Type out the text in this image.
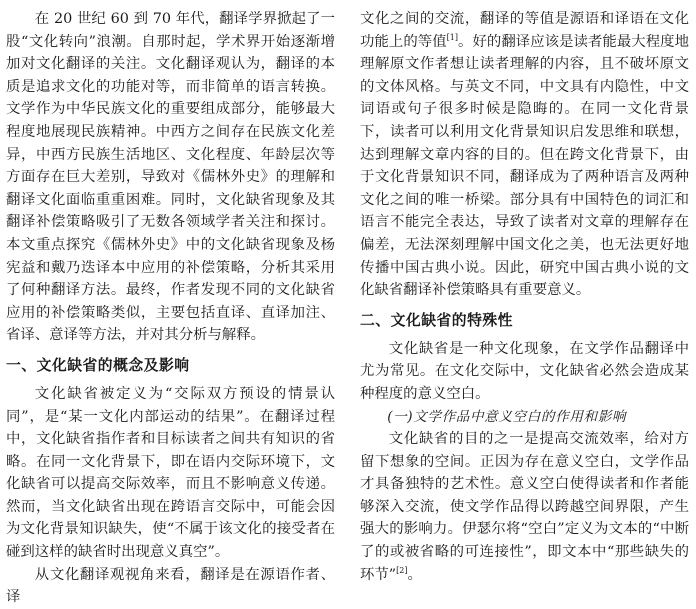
在 20 世纪 60 到 70 年代，翻译学界掀起了一股“文化转向”浪潮。自那时起，学术界开始逐渐增加对文化翻译的关注。文化翻译观认为，翻译的本质是追求文化的功能对等，而非简单的语言转换。文学作为中华民族文化的重要组成部分，能够最大程度地展现民族精神。中西方之间存在民族文化差异，中西方民族生活地区、文化程度、年龄层次等方面存在巨大差别，导致对《儒林外史》的理解和翻译文化面临重重困难。同时，文化缺省现象及其翻译补偿策略吸引了无数各领域学者关注和探讨。本文重点探究《儒林外史》中的文化缺省现象及杨宪益和戴乃迭译本中应用的补偿策略，分析其采用了何种翻译方法。最终，作者发现不同的文化缺省应用的补偿策略类似，主要包括直译、直译加注、省译、意译等方法，并对其分析与解释。

一、文化缺省的概念及影响

文化缺省被定义为“交际双方预设的情景认同”，是“某一文化内部运动的结果”。在翻译过程中，文化缺省指作者和目标读者之间共有知识的省略。在同一文化背景下，即在语内交际环境下，文化缺省可以提高交际效率，而且不影响意义传递。然而，当文化缺省出现在跨语言交际中，可能会因为文化背景知识缺失，使“不属于该文化的接受者在碰到这样的缺省时出现意义真空”。

从文化翻译观视角来看，翻译是在源语作者、译

文化之间的交流，翻译的等值是源语和译语在文化功能上的等值[1]。好的翻译应该是读者能最大程度地理解原文作者想让读者理解的内容，且不破坏原文的文体风格。与英文不同，中文具有内隐性，中文词语或句子很多时候是隐晦的。在同一文化背景下，读者可以利用文化背景知识启发思维和联想，达到理解文章内容的目的。但在跨文化背景下，由于文化背景知识不同，翻译成为了两种语言及两种文化之间的唯一桥梁。部分具有中国特色的词汇和语言不能完全表达，导致了读者对文章的理解存在偏差，无法深刻理解中国文化之美，也无法更好地传播中国古典小说。因此，研究中国古典小说的文化缺省翻译补偿策略具有重要意义。

二、文化缺省的特殊性

文化缺省是一种文化现象，在文学作品翻译中尤为常见。在文化交际中，文化缺省必然会造成某种程度的意义空白。

(一)文学作品中意义空白的作用和影响

文化缺省的目的之一是提高交流效率，给对方留下想象的空间。正因为存在意义空白，文学作品才具备独特的艺术性。意义空白使得读者和作者能够深入交流，使文学作品得以跨越空间界限，产生强大的影响力。伊瑟尔将“空白”定义为文本的“中断了的或被省略的可连接性”，即文本中“那些缺失的环节”[2]。
